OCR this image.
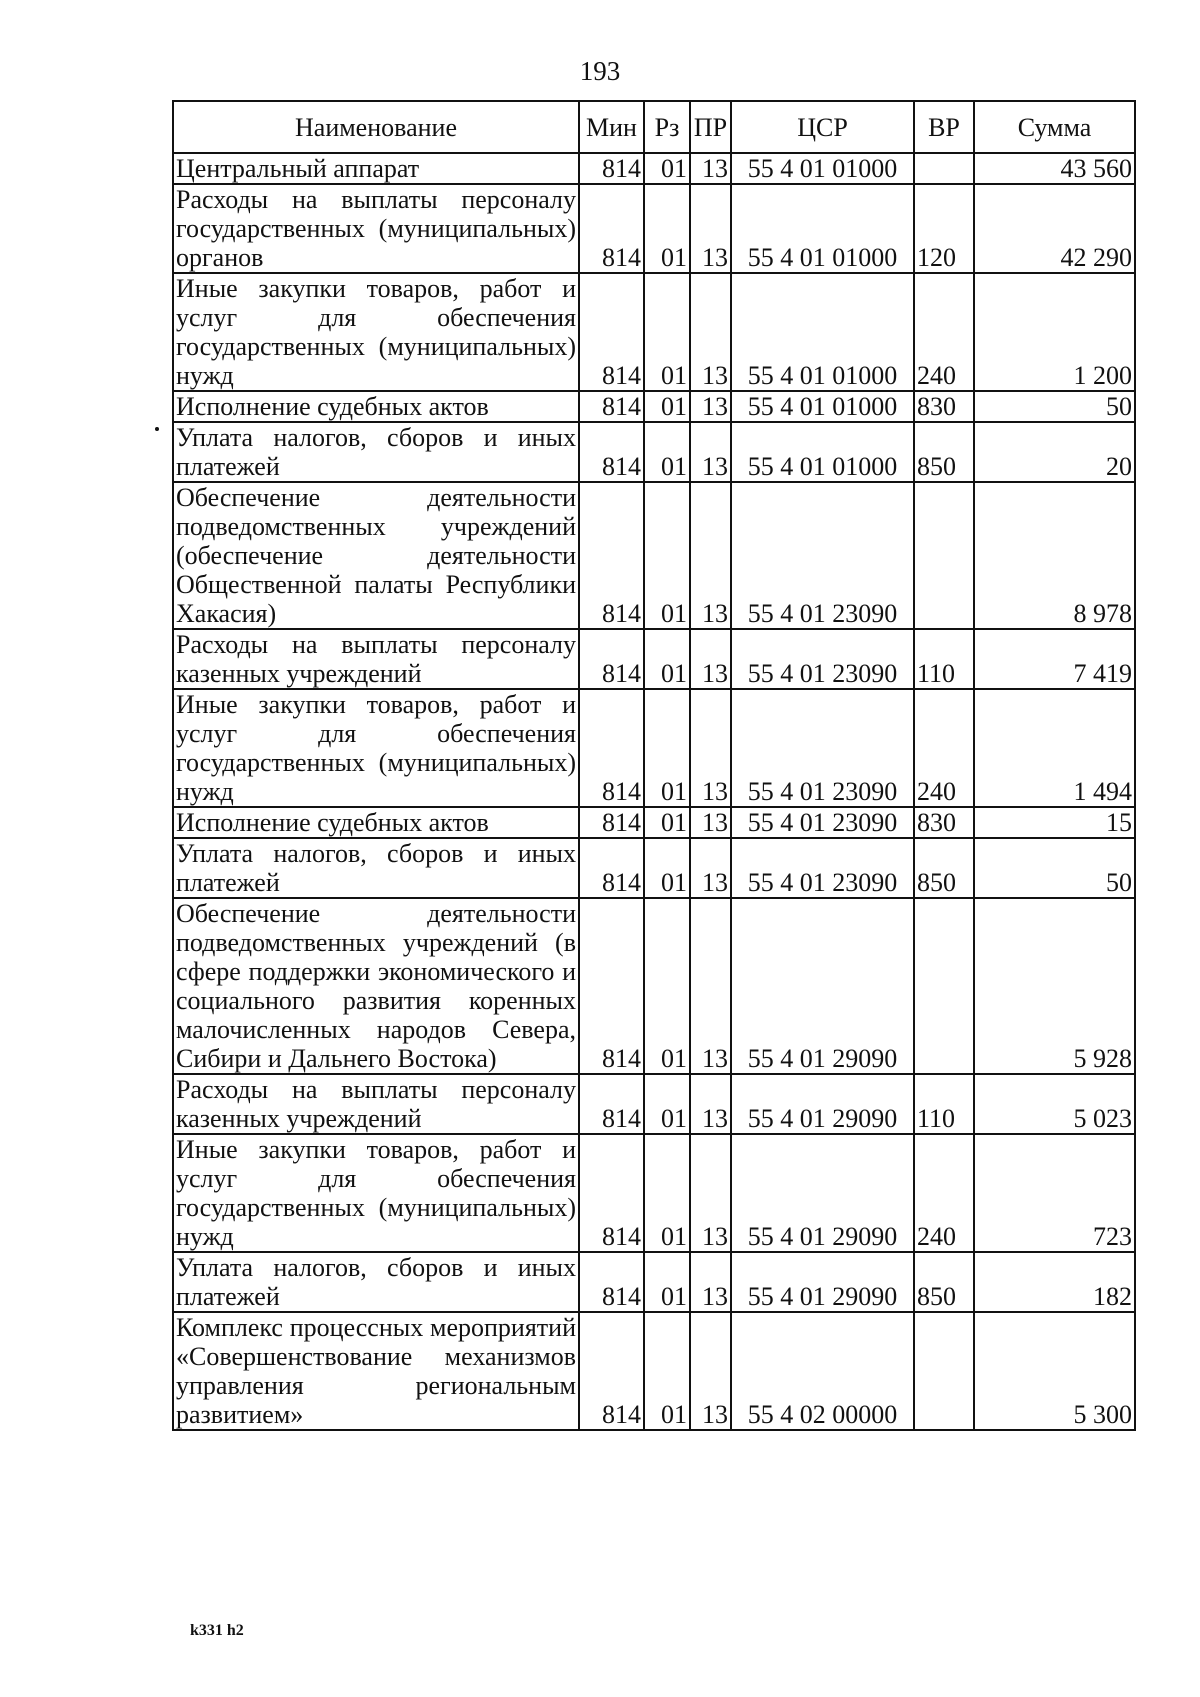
193
Наименование	Мин	Рз	ПР	ЦСР	ВР	Сумма
Центральный аппарат	814	01	13	55 4 01 01000		43 560
Расходы на выплаты персоналу государственных (муниципальных) органов	814	01	13	55 4 01 01000	120	42 290
Иные закупки товаров, работ и услуг для обеспечения государственных (муниципальных) нужд	814	01	13	55 4 01 01000	240	1 200
Исполнение судебных актов	814	01	13	55 4 01 01000	830	50
Уплата налогов, сборов и иных платежей	814	01	13	55 4 01 01000	850	20
Обеспечение деятельности подведомственных учреждений (обеспечение деятельности Общественной палаты Республики Хакасия)	814	01	13	55 4 01 23090		8 978
Расходы на выплаты персоналу казенных учреждений	814	01	13	55 4 01 23090	110	7 419
Иные закупки товаров, работ и услуг для обеспечения государственных (муниципальных) нужд	814	01	13	55 4 01 23090	240	1 494
Исполнение судебных актов	814	01	13	55 4 01 23090	830	15
Уплата налогов, сборов и иных платежей	814	01	13	55 4 01 23090	850	50
Обеспечение деятельности подведомственных учреждений (в сфере поддержки экономического и социального развития коренных малочисленных народов Севера, Сибири и Дальнего Востока)	814	01	13	55 4 01 29090		5 928
Расходы на выплаты персоналу казенных учреждений	814	01	13	55 4 01 29090	110	5 023
Иные закупки товаров, работ и услуг для обеспечения государственных (муниципальных) нужд	814	01	13	55 4 01 29090	240	723
Уплата налогов, сборов и иных платежей	814	01	13	55 4 01 29090	850	182
Комплекс процессных мероприятий «Совершенствование механизмов управления региональным развитием»	814	01	13	55 4 02 00000		5 300
k331 h2
